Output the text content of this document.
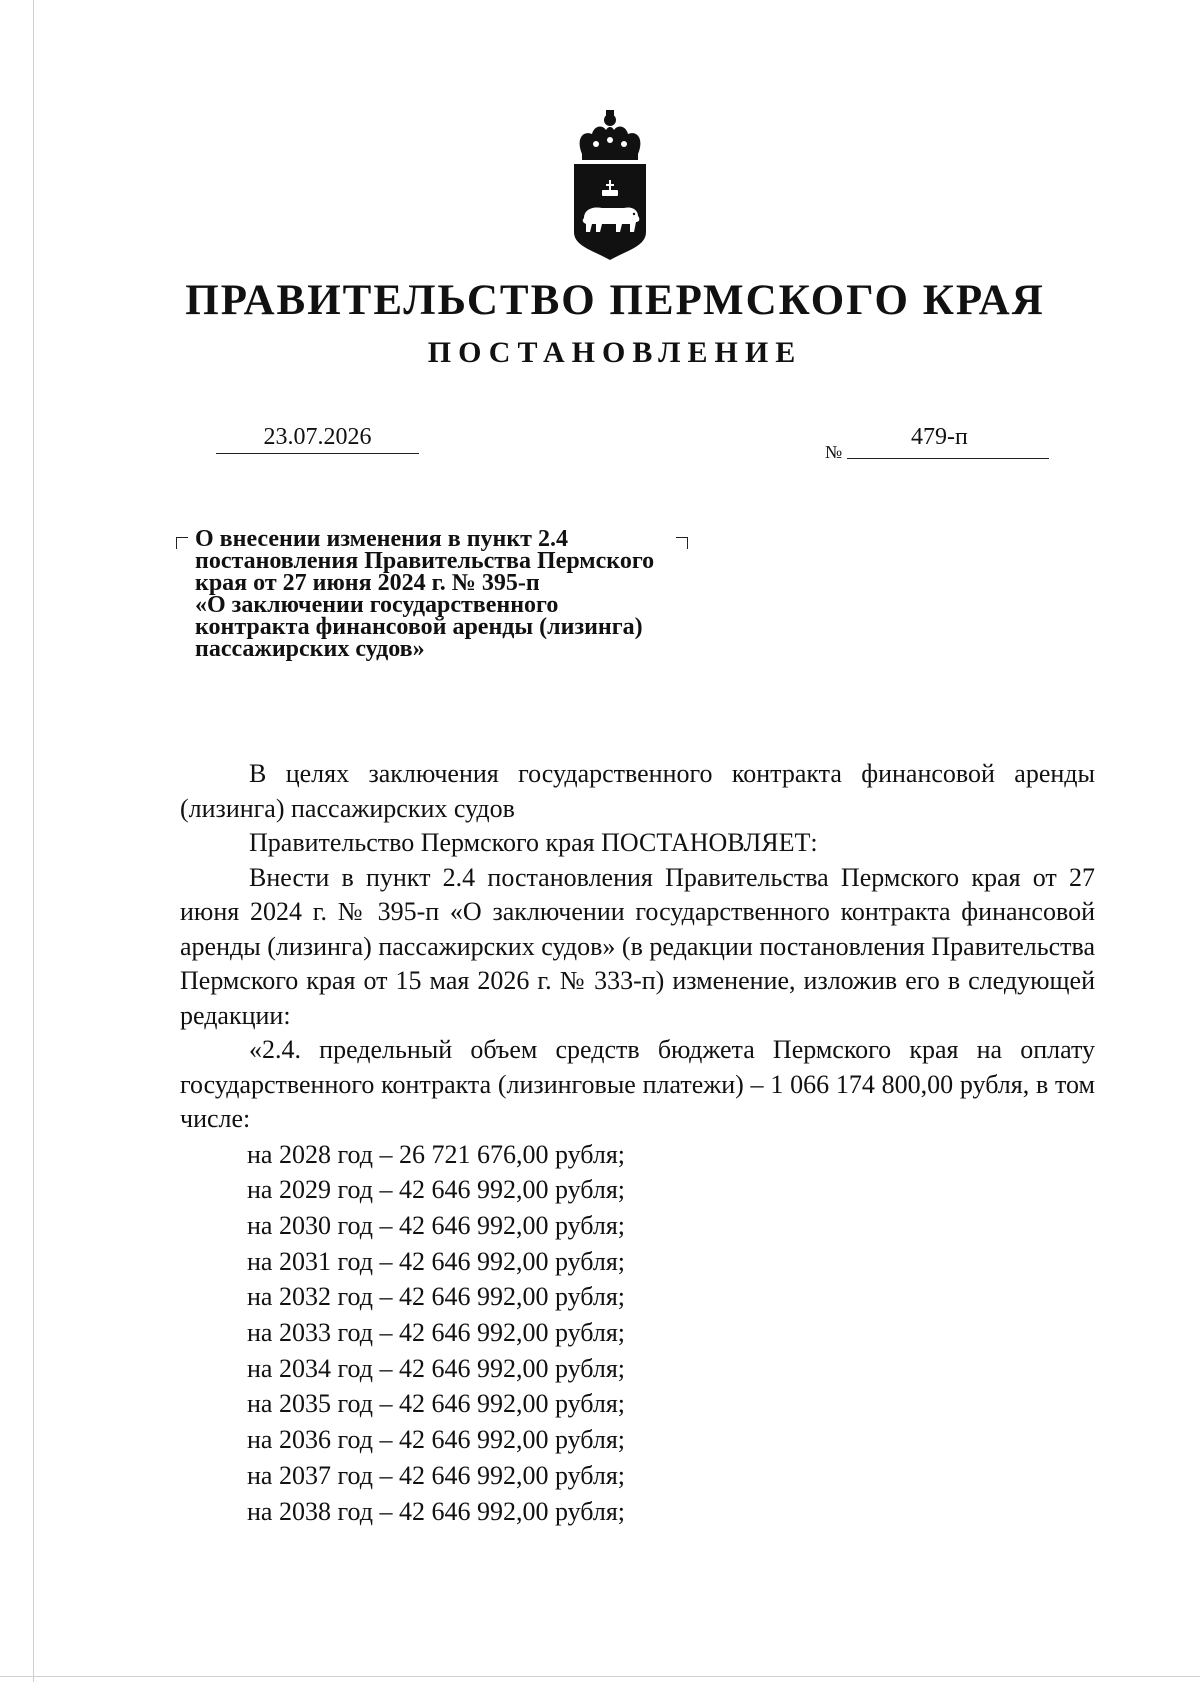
ПРАВИТЕЛЬСТВО ПЕРМСКОГО КРАЯ
ПОСТАНОВЛЕНИЕ
23.07.2026
№
479-п
О внесении изменения в пункт 2.4
постановления Правительства Пермского
края от 27 июня 2024 г. № 395-п
«О заключении государственного
контракта финансовой аренды (лизинга)
пассажирских судов»

В целях заключения государственного контракта финансовой аренды (лизинга) пассажирских судов

Правительство Пермского края ПОСТАНОВЛЯЕТ:

Внести в пункт 2.4 постановления Правительства Пермского края от 27 июня 2024 г. № 395-п «О заключении государственного контракта финансовой аренды (лизинга) пассажирских судов» (в редакции постановления Правительства Пермского края от 15 мая 2026 г. № 333-п) изменение, изложив его в следующей редакции:

«2.4. предельный объем средств бюджета Пермского края на оплату государственного контракта (лизинговые платежи) – 1 066 174 800,00 рубля, в том числе:

на 2028 год – 26 721 676,00 рубля;
на 2029 год – 42 646 992,00 рубля;
на 2030 год – 42 646 992,00 рубля;
на 2031 год – 42 646 992,00 рубля;
на 2032 год – 42 646 992,00 рубля;
на 2033 год – 42 646 992,00 рубля;
на 2034 год – 42 646 992,00 рубля;
на 2035 год – 42 646 992,00 рубля;
на 2036 год – 42 646 992,00 рубля;
на 2037 год – 42 646 992,00 рубля;
на 2038 год – 42 646 992,00 рубля;
